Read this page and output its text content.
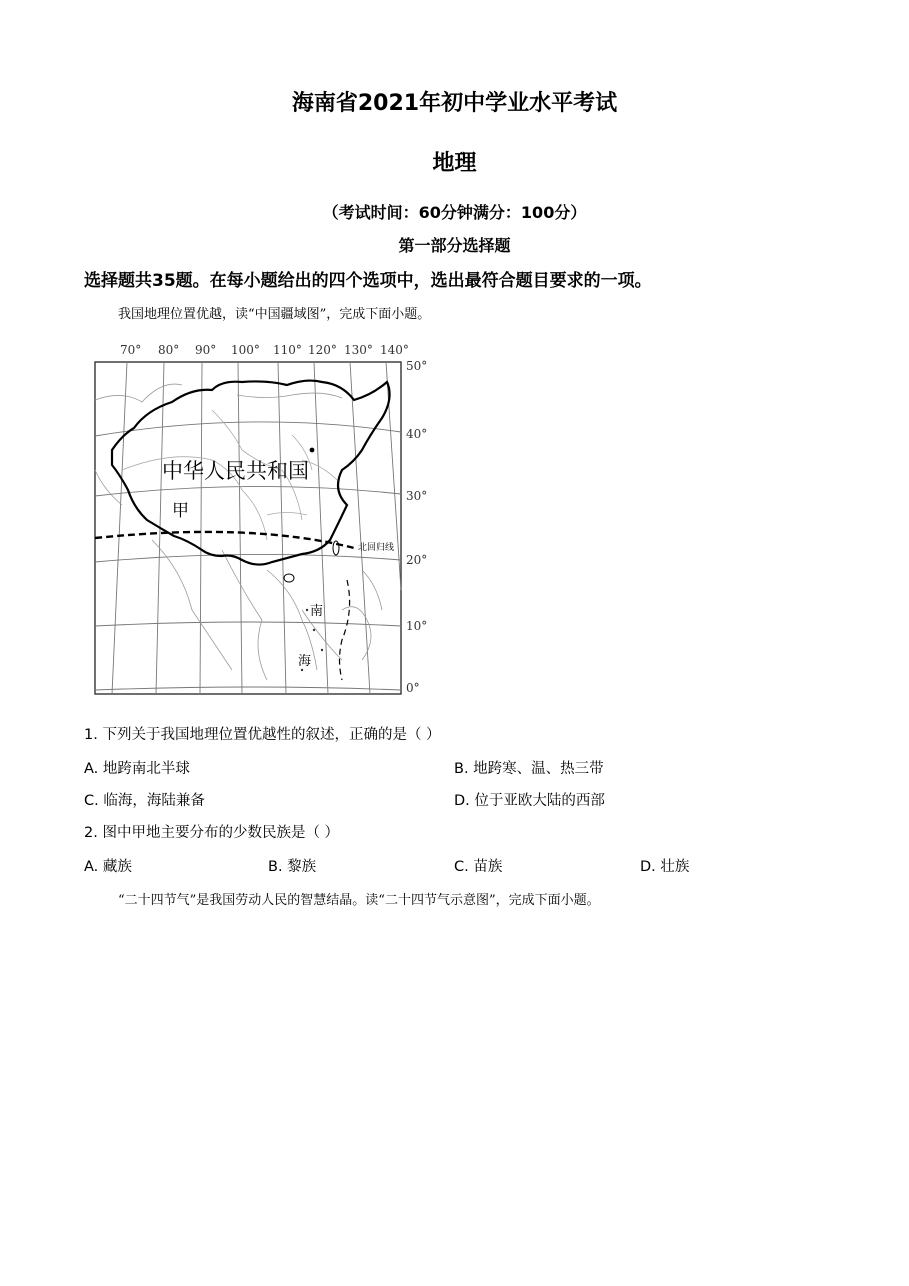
海南省2021年初中学业水平考试
地理
（考试时间：60分钟满分：100分）
第一部分选择题
选择题共35题。在每小题给出的四个选项中，选出最符合题目要求的一项。
我国地理位置优越，读“中国疆域图”，完成下面小题。
70° 80° 90° 100° 110° 120° 130° 140°
50°
40°
30°
20°
10°
0°
北回归线
中华人民共和国
甲
南
海
1. 下列关于我国地理位置优越性的叙述，正确的是（ ）
A. 地跨南北半球	B. 地跨寒、温、热三带
C. 临海，海陆兼备	D. 位于亚欧大陆的西部
2. 图中甲地主要分布的少数民族是（ ）
A. 藏族	B. 黎族	C. 苗族	D. 壮族
“二十四节气”是我国劳动人民的智慧结晶。读“二十四节气示意图”，完成下面小题。
